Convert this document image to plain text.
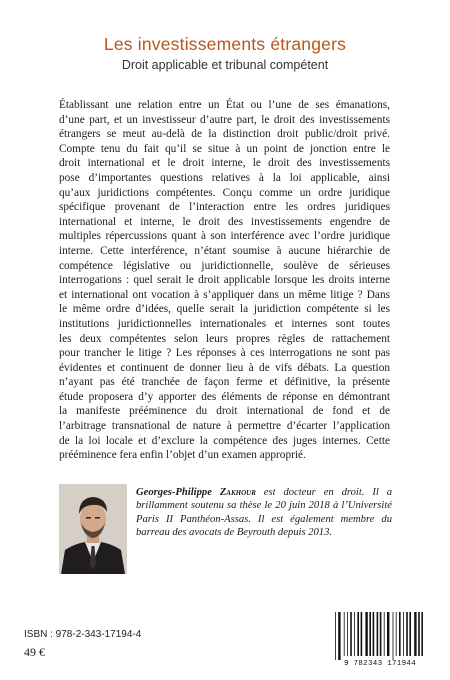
Les investissements étrangers
Droit applicable et tribunal compétent
Établissant une relation entre un État ou l’une de ses émanations,
d’une part, et un investisseur d’autre part, le droit des investissements
étrangers se meut au-delà de la distinction droit public/droit privé.
Compte tenu du fait qu’il se situe à un point de jonction entre le
droit international et le droit interne, le droit des investissements
pose d’importantes questions relatives à la loi applicable, ainsi
qu’aux juridictions compétentes. Conçu comme un ordre juridique
spécifique provenant de l’interaction entre les ordres juridiques
international et interne, le droit des investissements engendre de
multiples répercussions quant à son interférence avec l’ordre juridique
interne. Cette interférence, n’étant soumise à aucune hiérarchie de
compétence législative ou juridictionnelle, soulève de sérieuses
interrogations : quel serait le droit applicable lorsque les droits interne
et international ont vocation à s’appliquer dans un même litige ? Dans
le même ordre d’idées, quelle serait la juridiction compétente si les
institutions juridictionnelles internationales et internes sont toutes
les deux compétentes selon leurs propres règles de rattachement
pour trancher le litige ? Les réponses à ces interrogations ne sont pas
évidentes et continuent de donner lieu à de vifs débats. La question
n’ayant pas été tranchée de façon ferme et définitive, la présente
étude proposera d’y apporter des éléments de réponse en démontrant
la manifeste prééminence du droit international de fond et de
l’arbitrage transnational de nature à permettre d’écarter l’application
de la loi locale et d’exclure la compétence des juges internes. Cette
prééminence fera enfin l’objet d’un examen approprié.
Georges-Philippe Zakhour est docteur en droit. Il a
brillamment soutenu sa thèse le 20 juin 2018 à l’Université
Paris II Panthéon-Assas. Il est également membre du
barreau des avocats de Beyrouth depuis 2013.
ISBN : 978-2-343-17194-4
49 €
9 782343 171944
